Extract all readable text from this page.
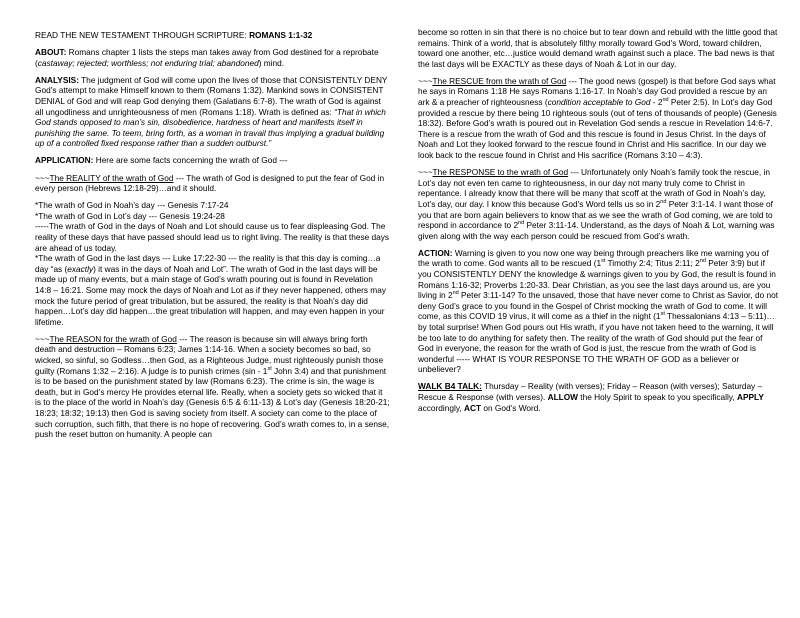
READ THE NEW TESTAMENT THROUGH SCRIPTURE: ROMANS 1:1-32

ABOUT: Romans chapter 1 lists the steps man takes away from God destined for a reprobate (castaway; rejected; worthless; not enduring trial; abandoned) mind.

ANALYSIS: The judgment of God will come upon the lives of those that CONSISTENTLY DENY God’s attempt to make Himself known to them (Romans 1:32). Mankind sows in CONSISTENT DENIAL of God and will reap God denying them (Galatians 6:7-8). The wrath of God is against all ungodliness and unrighteousness of men (Romans 1:18). Wrath is defined as: “That in which God stands opposed to man’s sin, disobedience, hardness of heart and manifests itself in punishing the same. To teem, bring forth, as a woman in travail thus implying a gradual building up of a controlled fixed response rather than a sudden outburst.”

APPLICATION: Here are some facts concerning the wrath of God ---

~~~The REALITY of the wrath of God --- The wrath of God is designed to put the fear of God in every person (Hebrews 12:18-29)…and it should.

*The wrath of God in Noah’s day --- Genesis 7:17-24
*The wrath of God in Lot’s day --- Genesis 19:24-28
-----The wrath of God in the days of Noah and Lot should cause us to fear displeasing God. The reality of these days that have passed should lead us to right living. The reality is that these days are ahead of us today.
*The wrath of God in the last days --- Luke 17:22-30 --- the reality is that this day is coming…a day “as (exactly) it was in the days of Noah and Lot”. The wrath of God in the last days will be made up of many events, but a main stage of God’s wrath pouring out is found in Revelation 14:8 – 16:21. Some may mock the days of Noah and Lot as if they never happened, others may mock the future period of great tribulation, but be assured, the reality is that Noah’s day did happen…Lot’s day did happen…the great tribulation will happen, and may even happen in your lifetime.

~~~The REASON for the wrath of God --- The reason is because sin will always bring forth death and destruction – Romans 6:23; James 1:14-16. When a society becomes so bad, so wicked, so sinful, so Godless…then God, as a Righteous Judge, must righteously punish those guilty (Romans 1:32 – 2:16). A judge is to punish crimes (sin - 1st John 3:4) and that punishment is to be based on the punishment stated by law (Romans 6:23). The crime is sin, the wage is death, but in God’s mercy He provides eternal life. Really, when a society gets so wicked that it is to the place of the world in Noah’s day (Genesis 6:5 & 6:11-13) & Lot’s day (Genesis 18:20-21; 18:23; 18:32; 19:13) then God is saving society from itself. A society can come to the place of such corruption, such filth, that there is no hope of recovering. God’s wrath comes to, in a sense, push the reset button on humanity. A people can

become so rotten in sin that there is no choice but to tear down and rebuild with the little good that remains. Think of a world, that is absolutely filthy morally toward God’s Word, toward children, toward one another, etc…justice would demand wrath against such a place. The bad news is that the last days will be EXACTLY as these days of Noah & Lot in our day.

~~~The RESCUE from the wrath of God --- The good news (gospel) is that before God says what he says in Romans 1:18 He says Romans 1:16-17. In Noah’s day God provided a rescue by an ark & a preacher of righteousness (condition acceptable to God - 2nd Peter 2:5). In Lot’s day God provided a rescue by there being 10 righteous souls (out of tens of thousands of people) (Genesis 18:32). Before God’s wrath is poured out in Revelation God sends a rescue in Revelation 14:6-7. There is a rescue from the wrath of God and this rescue is found in Jesus Christ. In the days of Noah and Lot they looked forward to the rescue found in Christ and His sacrifice. In our day we look back to the rescue found in Christ and His sacrifice (Romans 3:10 – 4:3).

~~~The RESPONSE to the wrath of God --- Unfortunately only Noah’s family took the rescue, in Lot’s day not even ten came to righteousness, in our day not many truly come to Christ in repentance. I already know that there will be many that scoff at the wrath of God in Noah’s day, Lot’s day, our day. I know this because God’s Word tells us so in 2nd Peter 3:1-14. I want those of you that are born again believers to know that as we see the wrath of God coming, we are told to respond in accordance to 2nd Peter 3:11-14. Understand, as the days of Noah & Lot, warning was given along with the way each person could be rescued from God’s wrath.

ACTION: Warning is given to you now one way being through preachers like me warning you of the wrath to come. God wants all to be rescued (1st Timothy 2:4; Titus 2:11; 2nd Peter 3:9) but if you CONSISTENTLY DENY the knowledge & warnings given to you by God, the result is found in Romans 1:16-32; Proverbs 1:20-33. Dear Christian, as you see the last days around us, are you living in 2nd Peter 3:11-14? To the unsaved, those that have never come to Christ as Savior, do not deny God’s grace to you found in the Gospel of Christ mocking the wrath of God to come. It will come, as this COVID 19 virus, it will come as a thief in the night (1st Thessalonians 4:13 – 5:11)…by total surprise! When God pours out His wrath, if you have not taken heed to the warning, it will be too late to do anything for safety then. The reality of the wrath of God should put the fear of God in everyone, the reason for the wrath of God is just, the rescue from the wrath of God is wonderful ----- WHAT IS YOUR RESPONSE TO THE WRATH OF GOD as a believer or unbeliever?

WALK B4 TALK: Thursday – Reality (with verses); Friday – Reason (with verses); Saturday – Rescue & Response (with verses). ALLOW the Holy Spirit to speak to you specifically, APPLY accordingly, ACT on God’s Word.
